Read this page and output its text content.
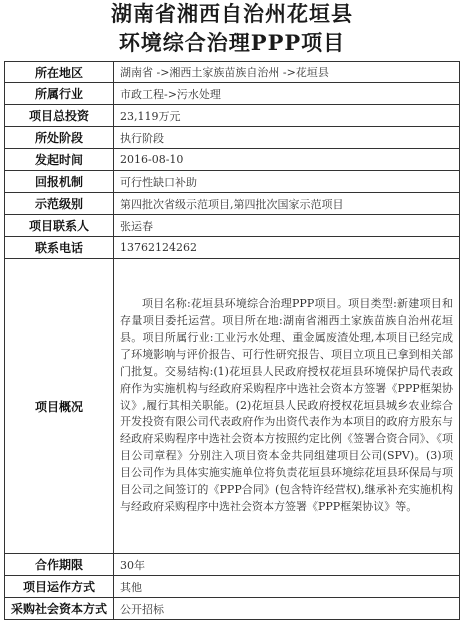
湖南省湘西自治州花垣县
环境综合治理PPP项目
所在地区	湖南省 ->湘西土家族苗族自治州 ->花垣县
所属行业	市政工程->污水处理
项目总投资	23,119万元
所处阶段	执行阶段
发起时间	2016-08-10
回报机制	可行性缺口补助
示范级别	第四批次省级示范项目,第四批次国家示范项目
项目联系人	张运春
联系电话	13762124262
项目概况	项目名称:花垣县环境综合治理PPP项目。项目类型:新建项目和存量项目委托运营。项目所在地:湖南省湘西土家族苗族自治州花垣县。项目所属行业:工业污水处理、重金属废渣处理,本项目已经完成了环境影响与评价报告、可行性研究报告、项目立项且已拿到相关部门批复。交易结构:(1)花垣县人民政府授权花垣县环境保护局代表政府作为实施机构与经政府采购程序中选社会资本方签署《PPP框架协议》,履行其相关职能。(2)花垣县人民政府授权花垣县城乡农业综合开发投资有限公司代表政府作为出资代表作为本项目的政府方股东与经政府采购程序中选社会资本方按照约定比例《签署合资合同》、《项目公司章程》分别注入项目资本金共同组建项目公司(SPV)。(3)项目公司作为具体实施实施单位将负责花垣县环境综花垣县环保局与项目公司之间签订的《PPP合同》(包含特许经营权),继承补充实施机构与经政府采购程序中选社会资本方签署《PPP框架协议》等。
合作期限	30年
项目运作方式	其他
采购社会资本方式	公开招标
